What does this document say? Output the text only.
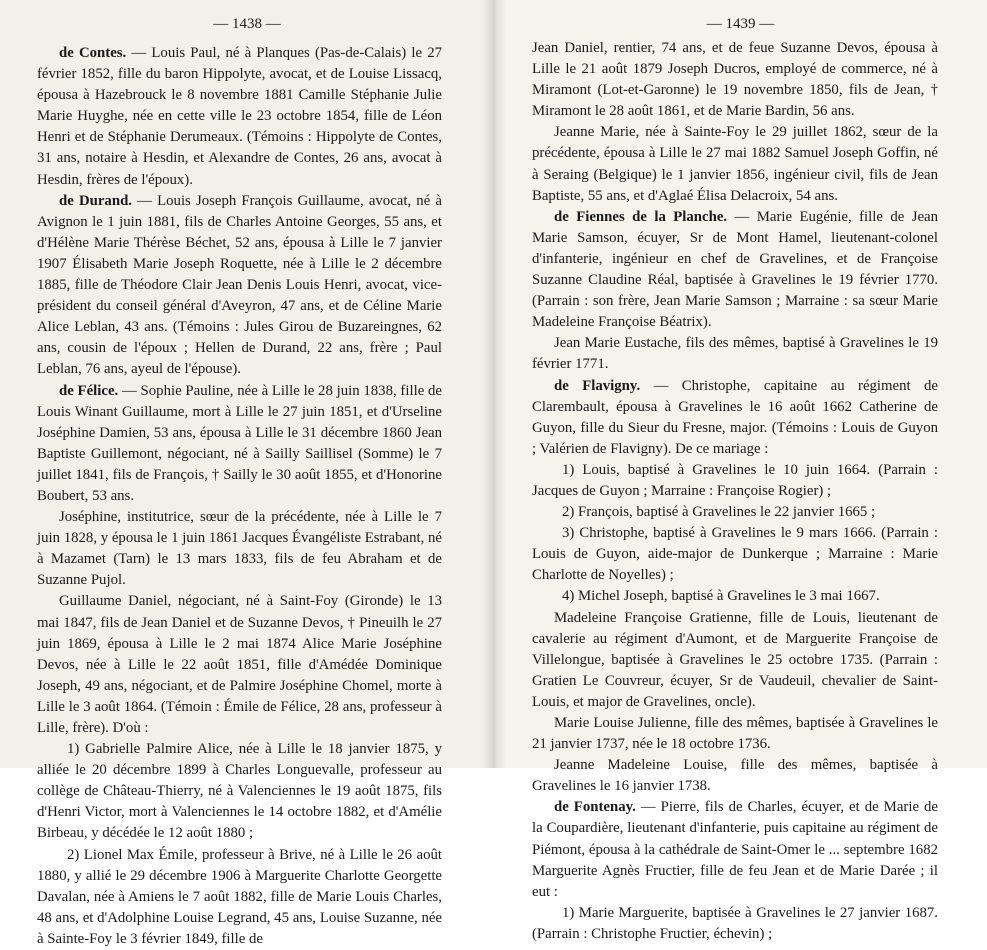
— 1438 —

de Contes. — Louis Paul, né à Planques (Pas-de-Calais) le 27 février 1852, fille du baron Hippolyte, avocat, et de Louise Lissacq, épousa à Hazebrouck le 8 novembre 1881 Camille Stéphanie Julie Marie Huyghe, née en cette ville le 23 octobre 1854, fille de Léon Henri et de Stéphanie Derumeaux. (Témoins : Hippolyte de Contes, 31 ans, notaire à Hesdin, et Alexandre de Contes, 26 ans, avocat à Hesdin, frères de l'époux).

de Durand. — Louis Joseph François Guillaume, avocat, né à Avignon le 1 juin 1881, fils de Charles Antoine Georges, 55 ans, et d'Hélène Marie Thérèse Béchet, 52 ans, épousa à Lille le 7 janvier 1907 Élisabeth Marie Joseph Roquette, née à Lille le 2 décembre 1885, fille de Théodore Clair Jean Denis Louis Henri, avocat, vice-président du conseil général d'Aveyron, 47 ans, et de Céline Marie Alice Leblan, 43 ans. (Témoins : Jules Girou de Buzareingnes, 62 ans, cousin de l'époux ; Hellen de Durand, 22 ans, frère ; Paul Leblan, 76 ans, ayeul de l'épouse).

de Félice. — Sophie Pauline, née à Lille le 28 juin 1838, fille de Louis Winant Guillaume, mort à Lille le 27 juin 1851, et d'Urseline Joséphine Damien, 53 ans, épousa à Lille le 31 décembre 1860 Jean Baptiste Guillemont, négociant, né à Sailly Saillisel (Somme) le 7 juillet 1841, fils de François, † Sailly le 30 août 1855, et d'Honorine Boubert, 53 ans.

Joséphine, institutrice, sœur de la précédente, née à Lille le 7 juin 1828, y épousa le 1 juin 1861 Jacques Évangéliste Estrabant, né à Mazamet (Tarn) le 13 mars 1833, fils de feu Abraham et de Suzanne Pujol.

Guillaume Daniel, négociant, né à Saint-Foy (Gironde) le 13 mai 1847, fils de Jean Daniel et de Suzanne Devos, † Pineuilh le 27 juin 1869, épousa à Lille le 2 mai 1874 Alice Marie Joséphine Devos, née à Lille le 22 août 1851, fille d'Amédée Dominique Joseph, 49 ans, négociant, et de Palmire Joséphine Chomel, morte à Lille le 3 août 1864. (Témoin : Émile de Félice, 28 ans, professeur à Lille, frère). D'où :

1) Gabrielle Palmire Alice, née à Lille le 18 janvier 1875, y alliée le 20 décembre 1899 à Charles Longuevalle, professeur au collège de Château-Thierry, né à Valenciennes le 19 août 1875, fils d'Henri Victor, mort à Valenciennes le 14 octobre 1882, et d'Amélie Birbeau, y décédée le 12 août 1880 ;

2) Lionel Max Émile, professeur à Brive, né à Lille le 26 août 1880, y allié le 29 décembre 1906 à Marguerite Charlotte Georgette Davalan, née à Amiens le 7 août 1882, fille de Marie Louis Charles, 48 ans, et d'Adolphine Louise Legrand, 45 ans, Louise Suzanne, née à Sainte-Foy le 3 février 1849, fille de

— 1439 —

Jean Daniel, rentier, 74 ans, et de feue Suzanne Devos, épousa à Lille le 21 août 1879 Joseph Ducros, employé de commerce, né à Miramont (Lot-et-Garonne) le 19 novembre 1850, fils de Jean, † Miramont le 28 août 1861, et de Marie Bardin, 56 ans.

Jeanne Marie, née à Sainte-Foy le 29 juillet 1862, sœur de la précédente, épousa à Lille le 27 mai 1882 Samuel Joseph Goffin, né à Seraing (Belgique) le 1 janvier 1856, ingénieur civil, fils de Jean Baptiste, 55 ans, et d'Aglaé Élisa Delacroix, 54 ans.

de Fiennes de la Planche. — Marie Eugénie, fille de Jean Marie Samson, écuyer, Sr de Mont Hamel, lieutenant-colonel d'infanterie, ingénieur en chef de Gravelines, et de Françoise Suzanne Claudine Réal, baptisée à Gravelines le 19 février 1770. (Parrain : son frère, Jean Marie Samson ; Marraine : sa sœur Marie Madeleine Françoise Béatrix).

Jean Marie Eustache, fils des mêmes, baptisé à Gravelines le 19 février 1771.

de Flavigny. — Christophe, capitaine au régiment de Clarembault, épousa à Gravelines le 16 août 1662 Catherine de Guyon, fille du Sieur du Fresne, major. (Témoins : Louis de Guyon ; Valérien de Flavigny). De ce mariage :

1) Louis, baptisé à Gravelines le 10 juin 1664. (Parrain : Jacques de Guyon ; Marraine : Françoise Rogier) ;

2) François, baptisé à Gravelines le 22 janvier 1665 ;

3) Christophe, baptisé à Gravelines le 9 mars 1666. (Parrain : Louis de Guyon, aide-major de Dunkerque ; Marraine : Marie Charlotte de Noyelles) ;

4) Michel Joseph, baptisé à Gravelines le 3 mai 1667.

Madeleine Françoise Gratienne, fille de Louis, lieutenant de cavalerie au régiment d'Aumont, et de Marguerite Françoise de Villelongue, baptisée à Gravelines le 25 octobre 1735. (Parrain : Gratien Le Couvreur, écuyer, Sr de Vaudeuil, chevalier de Saint-Louis, et major de Gravelines, oncle).

Marie Louise Julienne, fille des mêmes, baptisée à Gravelines le 21 janvier 1737, née le 18 octobre 1736.

Jeanne Madeleine Louise, fille des mêmes, baptisée à Gravelines le 16 janvier 1738.

de Fontenay. — Pierre, fils de Charles, écuyer, et de Marie de la Coupardière, lieutenant d'infanterie, puis capitaine au régiment de Piémont, épousa à la cathédrale de Saint-Omer le ... septembre 1682 Marguerite Agnès Fructier, fille de feu Jean et de Marie Darée ; il eut :

1) Marie Marguerite, baptisée à Gravelines le 27 janvier 1687. (Parrain : Christophe Fructier, échevin) ;
